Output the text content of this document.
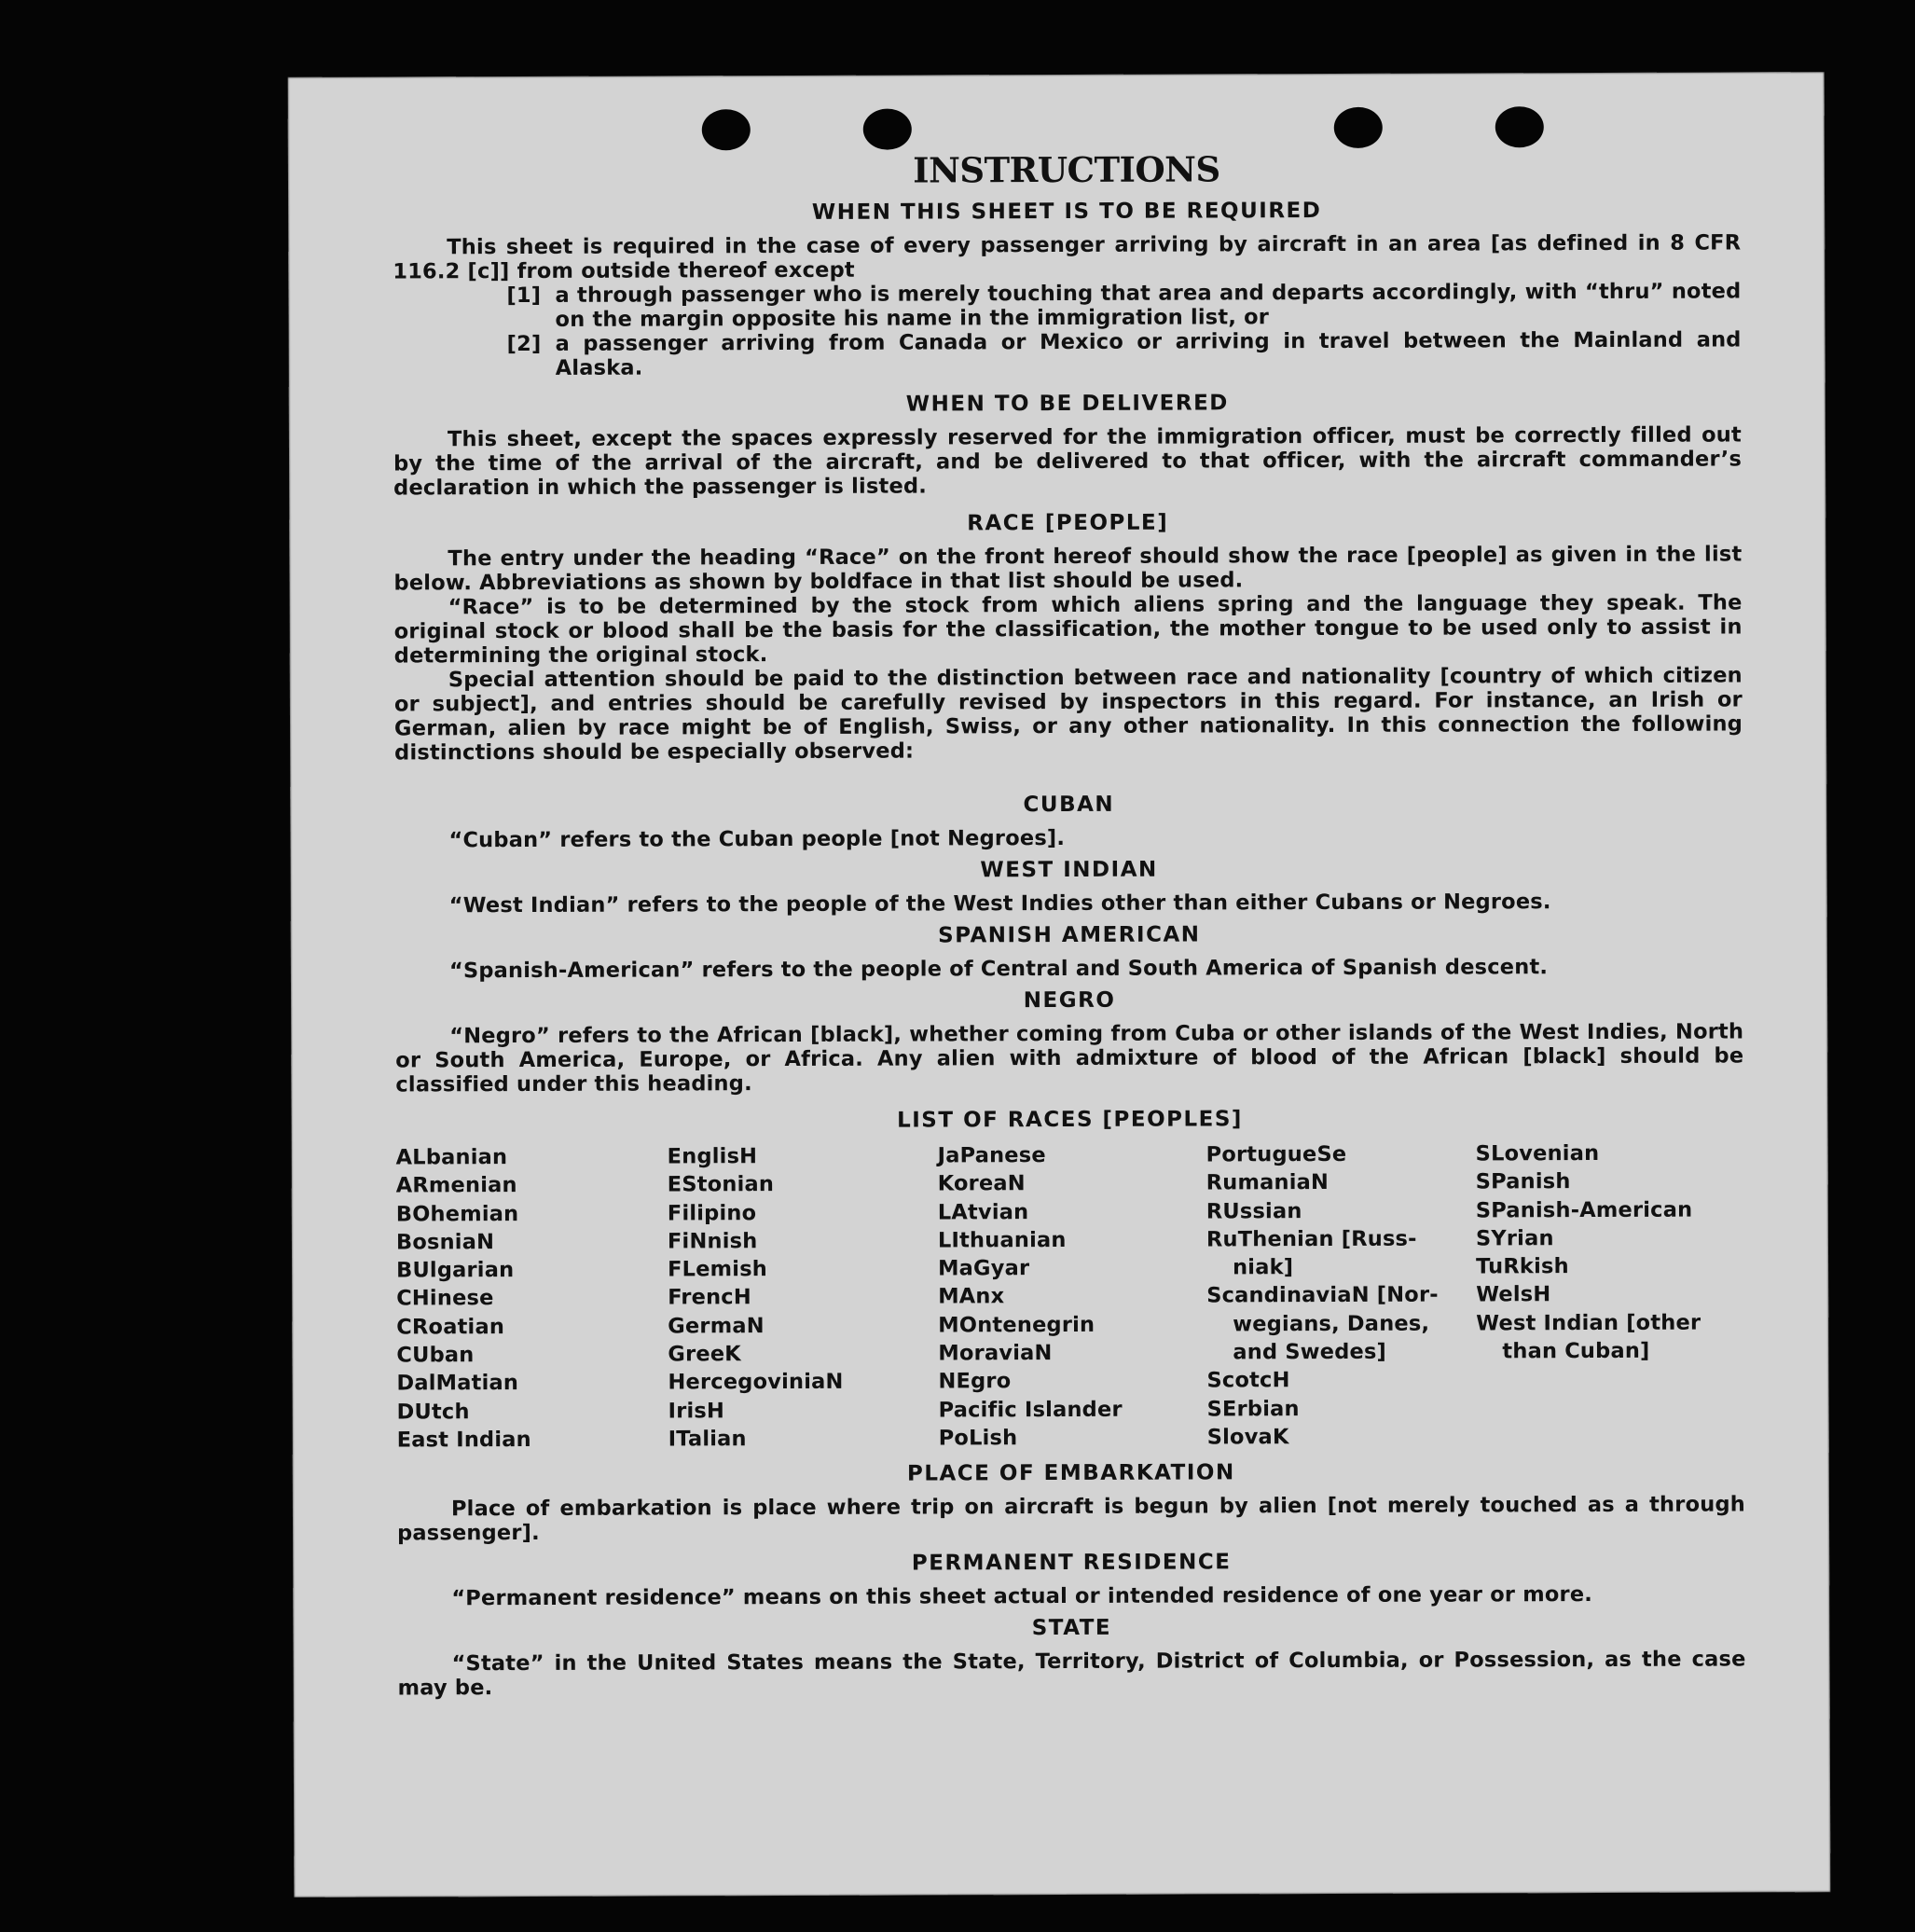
INSTRUCTIONS
WHEN THIS SHEET IS TO BE REQUIRED

This sheet is required in the case of every passenger arriving by aircraft in an area [as defined in 8 CFR 116.2 [c]] from outside thereof except

[1] a through passenger who is merely touching that area and departs accordingly, with “thru” noted on the margin opposite his name in the immigration list, or
[2] a passenger arriving from Canada or Mexico or arriving in travel between the Mainland and Alaska.
WHEN TO BE DELIVERED

This sheet, except the spaces expressly reserved for the immigration officer, must be correctly filled out by the time of the arrival of the aircraft, and be delivered to that officer, with the aircraft commander’s declaration in which the passenger is listed.

RACE [PEOPLE]

The entry under the heading “Race” on the front hereof should show the race [people] as given in the list below. Abbreviations as shown by boldface in that list should be used.

“Race” is to be determined by the stock from which aliens spring and the language they speak. The original stock or blood shall be the basis for the classification, the mother tongue to be used only to assist in determining the original stock.

Special attention should be paid to the distinction between race and nationality [country of which citizen or subject], and entries should be carefully revised by inspectors in this regard. For instance, an Irish or German, alien by race might be of English, Swiss, or any other nationality. In this connection the following distinctions should be especially observed:

CUBAN

“Cuban” refers to the Cuban people [not Negroes].

WEST INDIAN

“West Indian” refers to the people of the West Indies other than either Cubans or Negroes.

SPANISH AMERICAN

“Spanish-American” refers to the people of Central and South America of Spanish descent.

NEGRO

“Negro” refers to the African [black], whether coming from Cuba or other islands of the West Indies, North or South America, Europe, or Africa. Any alien with admixture of blood of the African [black] should be classified under this heading.

LIST OF RACES [PEOPLES]
ALbanian
ARmenian
BOhemian
BosniaN
BUlgarian
CHinese
CRoatian
CUban
DalMatian
DUtch
East Indian
EnglisH
EStonian
Filipino
FiNnish
FLemish
FrencH
GermaN
GreeK
HercegoviniaN
IrisH
ITalian
JaPanese
KoreaN
LAtvian
LIthuanian
MaGyar
MAnx
MOntenegrin
MoraviaN
NEgro
Pacific Islander
PoLish
PortugueSe
RumaniaN
RUssian
RuThenian [Russ-
niak]
ScandinaviaN [Nor-
wegians, Danes,
and Swedes]
ScotcH
SErbian
SlovaK
SLovenian
SPanish
SPanish-American
SYrian
TuRkish
WelsH
West Indian [other
than Cuban]
PLACE OF EMBARKATION

Place of embarkation is place where trip on aircraft is begun by alien [not merely touched as a through passenger].

PERMANENT RESIDENCE

“Permanent residence” means on this sheet actual or intended residence of one year or more.

STATE

“State” in the United States means the State, Territory, District of Columbia, or Possession, as the case may be.
